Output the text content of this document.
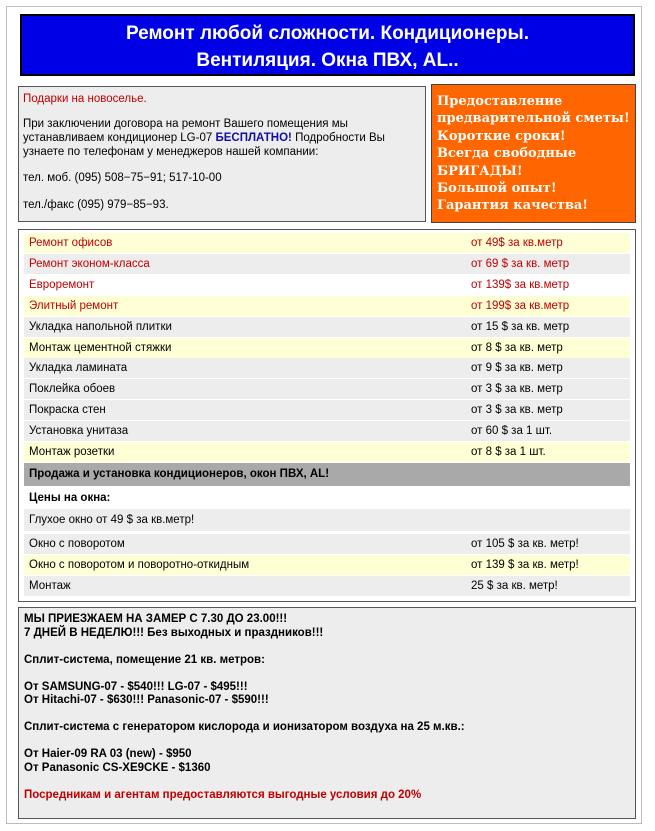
Ремонт любой сложности. Кондиционеры.
Вентиляция. Окна ПВХ, AL..
Подарки на новоселье.

При заключении договора на ремонт Вашего помещения мы устанавливаем кондиционер LG-07 БЕСПЛАТНО! Подробности Вы узнаете по телефонам у менеджеров нашей компании:

тел. моб. (095) 508−75−91; 517-10-00
тел./факс (095) 979−85−93.
Предоставление
предварительной сметы!
Короткие сроки!
Всегда свободные
БРИГАДЫ!
Большой опыт!
Гарантия качества!
Ремонт офисов	от 49$ за кв.метр
Ремонт эконом-класса	от 69 $ за кв. метр
Евроремонт	от 139$ за кв.метр
Элитный ремонт	от 199$ за кв.метр
Укладка напольной плитки	от 15 $ за кв. метр
Монтаж цементной стяжки	от 8 $ за кв. метр
Укладка ламината	от 9 $ за кв. метр
Поклейка обоев	от 3 $ за кв. метр
Покраска стен	от 3 $ за кв. метр
Установка унитаза	от 60 $ за 1 шт.
Монтаж розетки	от 8 $ за 1 шт.
Продажа и установка кондиционеров, окон ПВХ, AL!
Цены на окна:
Глухое окно от 49 $ за кв.метр!
Окно с поворотом	от 105 $ за кв. метр!
Окно с поворотом и поворотно-откидным	от 139 $ за кв. метр!
Монтаж	25 $ за кв. метр!
МЫ ПРИЕЗЖАЕМ НА ЗАМЕР С 7.30 ДО 23.00!!!
7 ДНЕЙ В НЕДЕЛЮ!!! Без выходных и праздников!!!
Сплит-система, помещение 21 кв. метров:
От SAMSUNG-07 - $540!!! LG-07 - $495!!!
От Hitachi-07 - $630!!! Panasonic-07 - $590!!!
Сплит-система с генератором кислорода и ионизатором воздуха на 25 м.кв.:
От Haier-09 RA 03 (new) - $950
От Panasonic CS-XE9CKE - $1360
Посредникам и агентам предоставляются выгодные условия до 20%
